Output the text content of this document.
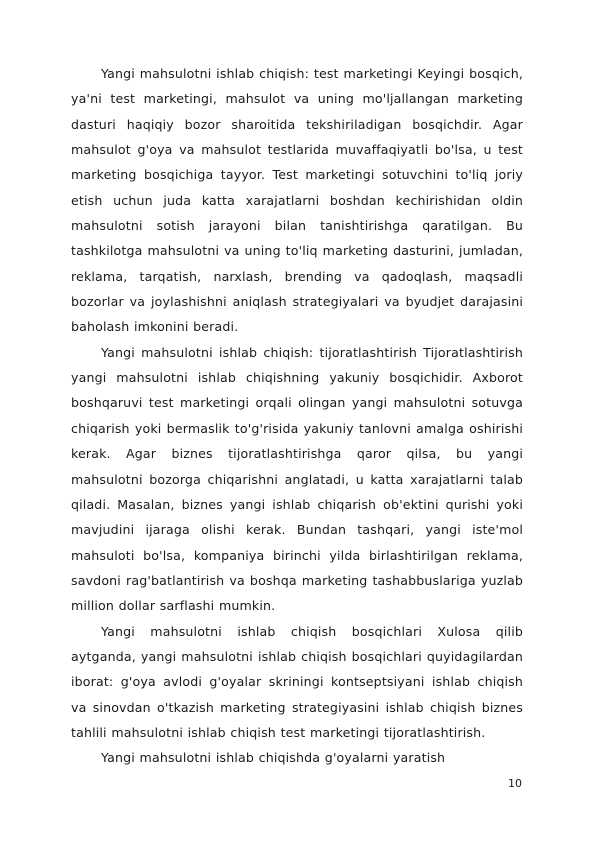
Yangi mahsulotni ishlab chiqish: test marketingi Keyingi bosqich, ya'ni test marketingi, mahsulot va uning mo'ljallangan marketing dasturi haqiqiy bozor sharoitida tekshiriladigan bosqichdir. Agar mahsulot g'oya va mahsulot testlarida muvaffaqiyatli bo'lsa, u test marketing bosqichiga tayyor. Test marketingi sotuvchini to'liq joriy etish uchun juda katta xarajatlarni boshdan kechirishidan oldin mahsulotni sotish jarayoni bilan tanishtirishga qaratilgan. Bu tashkilotga mahsulotni va uning to'liq marketing dasturini, jumladan, reklama, tarqatish, narxlash, brending va qadoqlash, maqsadli bozorlar va joylashishni aniqlash strategiyalari va byudjet darajasini baholash imkonini beradi.

Yangi mahsulotni ishlab chiqish: tijoratlashtirish Tijoratlashtirish yangi mahsulotni ishlab chiqishning yakuniy bosqichidir. Axborot boshqaruvi test marketingi orqali olingan yangi mahsulotni sotuvga chiqarish yoki bermaslik to'g'risida yakuniy tanlovni amalga oshirishi kerak. Agar biznes tijoratlashtirishga qaror qilsa, bu yangi mahsulotni bozorga chiqarishni anglatadi, u katta xarajatlarni talab qiladi. Masalan, biznes yangi ishlab chiqarish ob'ektini qurishi yoki mavjudini ijaraga olishi kerak. Bundan tashqari, yangi iste'mol mahsuloti bo'lsa, kompaniya birinchi yilda birlashtirilgan reklama, savdoni rag'batlantirish va boshqa marketing tashabbuslariga yuzlab million dollar sarflashi mumkin.

Yangi mahsulotni ishlab chiqish bosqichlari Xulosa qilib aytganda, yangi mahsulotni ishlab chiqish bosqichlari quyidagilardan iborat: g'oya avlodi g'oyalar skriningi kontseptsiyani ishlab chiqish va sinovdan o'tkazish marketing strategiyasini ishlab chiqish biznes tahlili mahsulotni ishlab chiqish test marketingi tijoratlashtirish.

Yangi mahsulotni ishlab chiqishda g'oyalarni yaratish

10
